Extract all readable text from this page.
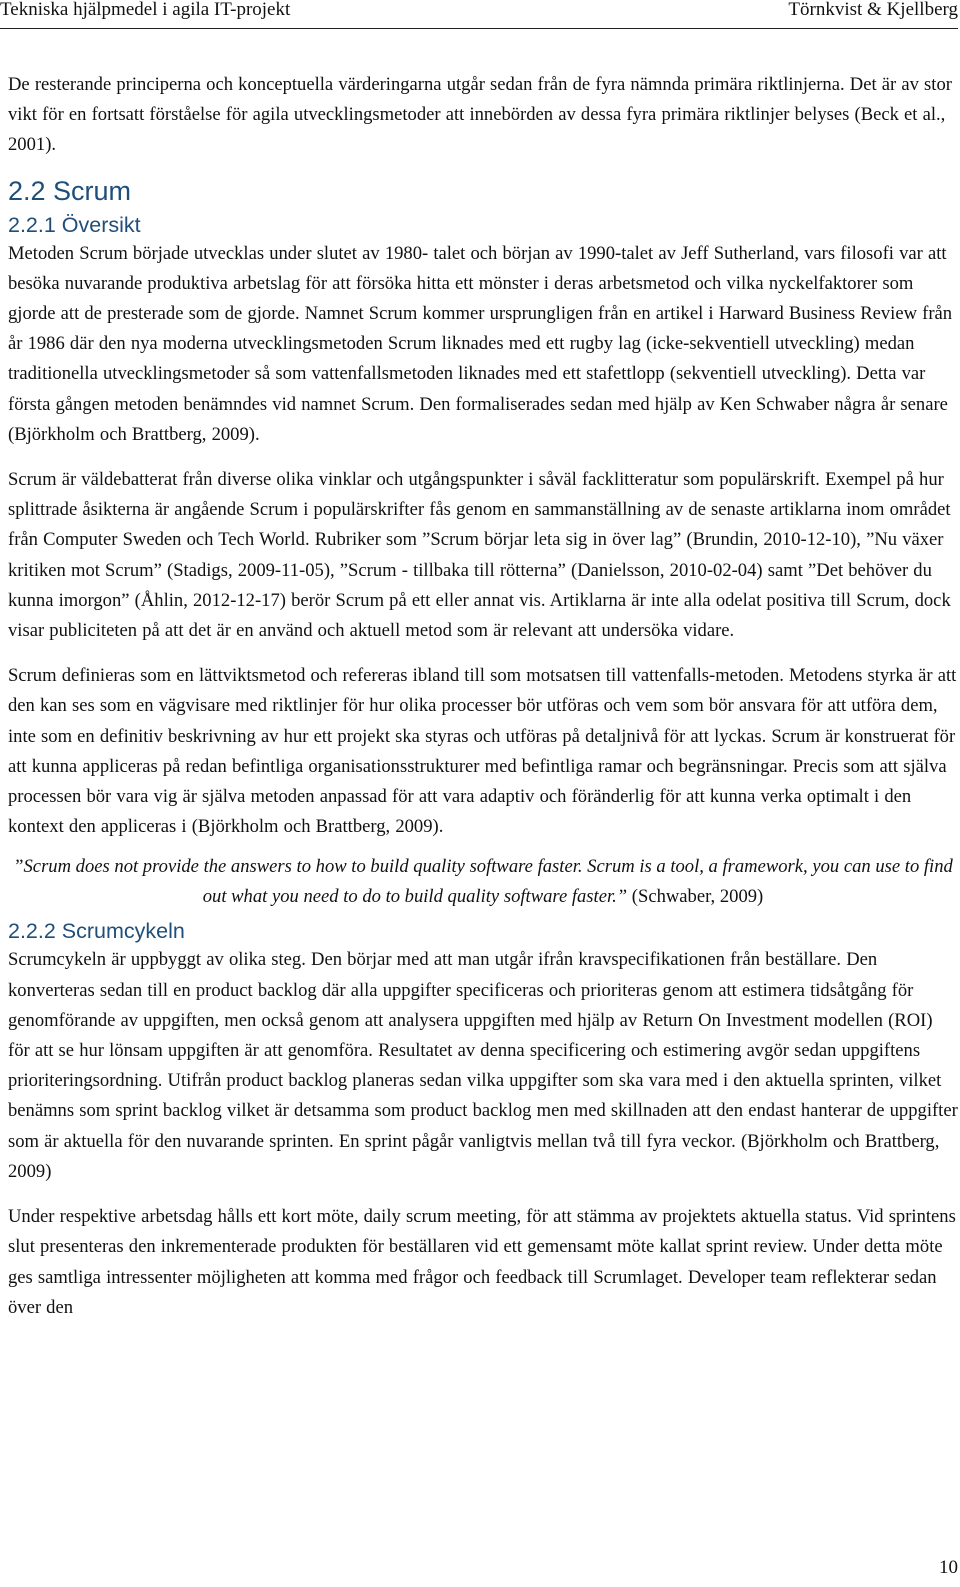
Tekniska hjälpmedel i agila IT-projekt	Törnkvist & Kjellberg

De resterande principerna och konceptuella värderingarna utgår sedan från de fyra nämnda primära riktlinjerna. Det är av stor vikt för en fortsatt förståelse för agila utvecklingsmetoder att innebörden av dessa fyra primära riktlinjer belyses (Beck et al., 2001).

2.2 Scrum
2.2.1 Översikt

Metoden Scrum började utvecklas under slutet av 1980- talet och början av 1990-talet av Jeff Sutherland, vars filosofi var att besöka nuvarande produktiva arbetslag för att försöka hitta ett mönster i deras arbetsmetod och vilka nyckelfaktorer som gjorde att de presterade som de gjorde. Namnet Scrum kommer ursprungligen från en artikel i Harward Business Review från år 1986 där den nya moderna utvecklingsmetoden Scrum liknades med ett rugby lag (icke-sekventiell utveckling) medan traditionella utvecklingsmetoder så som vattenfallsmetoden liknades med ett stafettlopp (sekventiell utveckling). Detta var första gången metoden benämndes vid namnet Scrum. Den formaliserades sedan med hjälp av Ken Schwaber några år senare (Björkholm och Brattberg, 2009).

Scrum är väldebatterat från diverse olika vinklar och utgångspunkter i såväl facklitteratur som populärskrift. Exempel på hur splittrade åsikterna är angående Scrum i populärskrifter fås genom en sammanställning av de senaste artiklarna inom området från Computer Sweden och Tech World. Rubriker som ”Scrum börjar leta sig in över lag” (Brundin, 2010-12-10), ”Nu växer kritiken mot Scrum” (Stadigs, 2009-11-05), ”Scrum - tillbaka till rötterna” (Danielsson, 2010-02-04) samt ”Det behöver du kunna imorgon” (Åhlin, 2012-12-17) berör Scrum på ett eller annat vis. Artiklarna är inte alla odelat positiva till Scrum, dock visar publiciteten på att det är en använd och aktuell metod som är relevant att undersöka vidare.

Scrum definieras som en lättviktsmetod och refereras ibland till som motsatsen till vattenfalls-metoden. Metodens styrka är att den kan ses som en vägvisare med riktlinjer för hur olika processer bör utföras och vem som bör ansvara för att utföra dem, inte som en definitiv beskrivning av hur ett projekt ska styras och utföras på detaljnivå för att lyckas. Scrum är konstruerat för att kunna appliceras på redan befintliga organisationsstrukturer med befintliga ramar och begränsningar. Precis som att själva processen bör vara vig är själva metoden anpassad för att vara adaptiv och föränderlig för att kunna verka optimalt i den kontext den appliceras i (Björkholm och Brattberg, 2009).

”Scrum does not provide the answers to how to build quality software faster. Scrum is a tool, a framework, you can use to find out what you need to do to build quality software faster.” (Schwaber, 2009)
2.2.2 Scrumcykeln

Scrumcykeln är uppbyggt av olika steg. Den börjar med att man utgår ifrån kravspecifikationen från beställare. Den konverteras sedan till en product backlog där alla uppgifter specificeras och prioriteras genom att estimera tidsåtgång för genomförande av uppgiften, men också genom att analysera uppgiften med hjälp av Return On Investment modellen (ROI) för att se hur lönsam uppgiften är att genomföra. Resultatet av denna specificering och estimering avgör sedan uppgiftens prioriteringsordning. Utifrån product backlog planeras sedan vilka uppgifter som ska vara med i den aktuella sprinten, vilket benämns som sprint backlog vilket är detsamma som product backlog men med skillnaden att den endast hanterar de uppgifter som är aktuella för den nuvarande sprinten. En sprint pågår vanligtvis mellan två till fyra veckor. (Björkholm och Brattberg, 2009)

Under respektive arbetsdag hålls ett kort möte, daily scrum meeting, för att stämma av projektets aktuella status. Vid sprintens slut presenteras den inkrementerade produkten för beställaren vid ett gemensamt möte kallat sprint review. Under detta möte ges samtliga intressenter möjligheten att komma med frågor och feedback till Scrumlaget. Developer team reflekterar sedan över den

10
